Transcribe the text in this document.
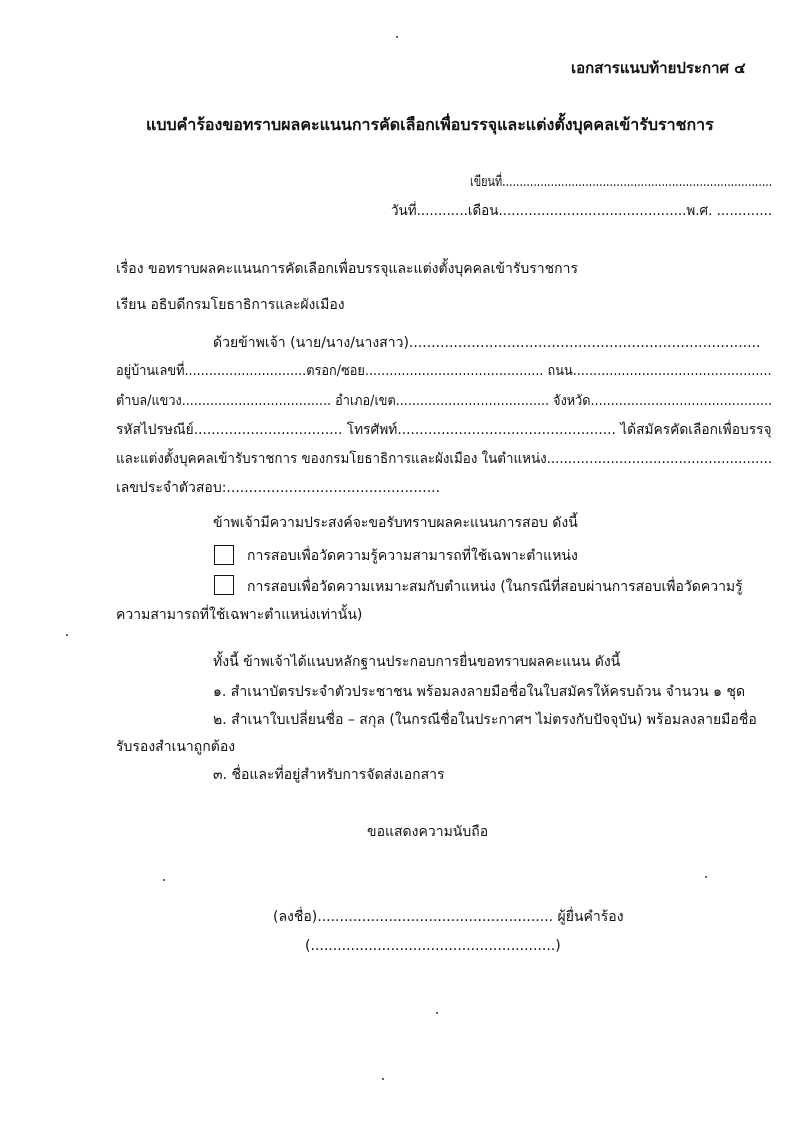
เอกสารแนบท้ายประกาศ ๔
แบบคำร้องขอทราบผลคะแนนการคัดเลือกเพื่อบรรจุและแต่งตั้งบุคคลเข้ารับราชการ
เขียนที่..............................................................................
วันที่............เดือน............................................พ.ศ. .............
เรื่อง ขอทราบผลคะแนนการคัดเลือกเพื่อบรรจุและแต่งตั้งบุคคลเข้ารับราชการ
เรียน อธิบดีกรมโยธาธิการและผังเมือง
ด้วยข้าพเจ้า (นาย/นาง/นางสาว)...............................................................................
อยู่บ้านเลขที่..............................ตรอก/ซอย............................................ ถนน.................................................
ตำบล/แขวง..................................... อำเภอ/เขต...................................... จังหวัด.............................................
รหัสไปรษณีย์.................................. โทรศัพท์.................................................. ได้สมัครคัดเลือกเพื่อบรรจุ
และแต่งตั้งบุคคลเข้ารับราชการ ของกรมโยธาธิการและผังเมือง ในตำแหน่ง.....................................................
เลขประจำตัวสอบ:................................................
ข้าพเจ้ามีความประสงค์จะขอรับทราบผลคะแนนการสอบ ดังนี้
การสอบเพื่อวัดความรู้ความสามารถที่ใช้เฉพาะตำแหน่ง
การสอบเพื่อวัดความเหมาะสมกับตำแหน่ง (ในกรณีที่สอบผ่านการสอบเพื่อวัดความรู้
ความสามารถที่ใช้เฉพาะตำแหน่งเท่านั้น)
ทั้งนี้ ข้าพเจ้าได้แนบหลักฐานประกอบการยื่นขอทราบผลคะแนน ดังนี้
๑. สำเนาบัตรประจำตัวประชาชน พร้อมลงลายมือชื่อในใบสมัครให้ครบถ้วน จำนวน ๑ ชุด
๒. สำเนาใบเปลี่ยนชื่อ – สกุล (ในกรณีชื่อในประกาศฯ ไม่ตรงกับปัจจุบัน) พร้อมลงลายมือชื่อ
รับรองสำเนาถูกต้อง
๓. ชื่อและที่อยู่สำหรับการจัดส่งเอกสาร
ขอแสดงความนับถือ
(ลงชื่อ)..................................................... ผู้ยื่นคำร้อง
(.......................................................)
